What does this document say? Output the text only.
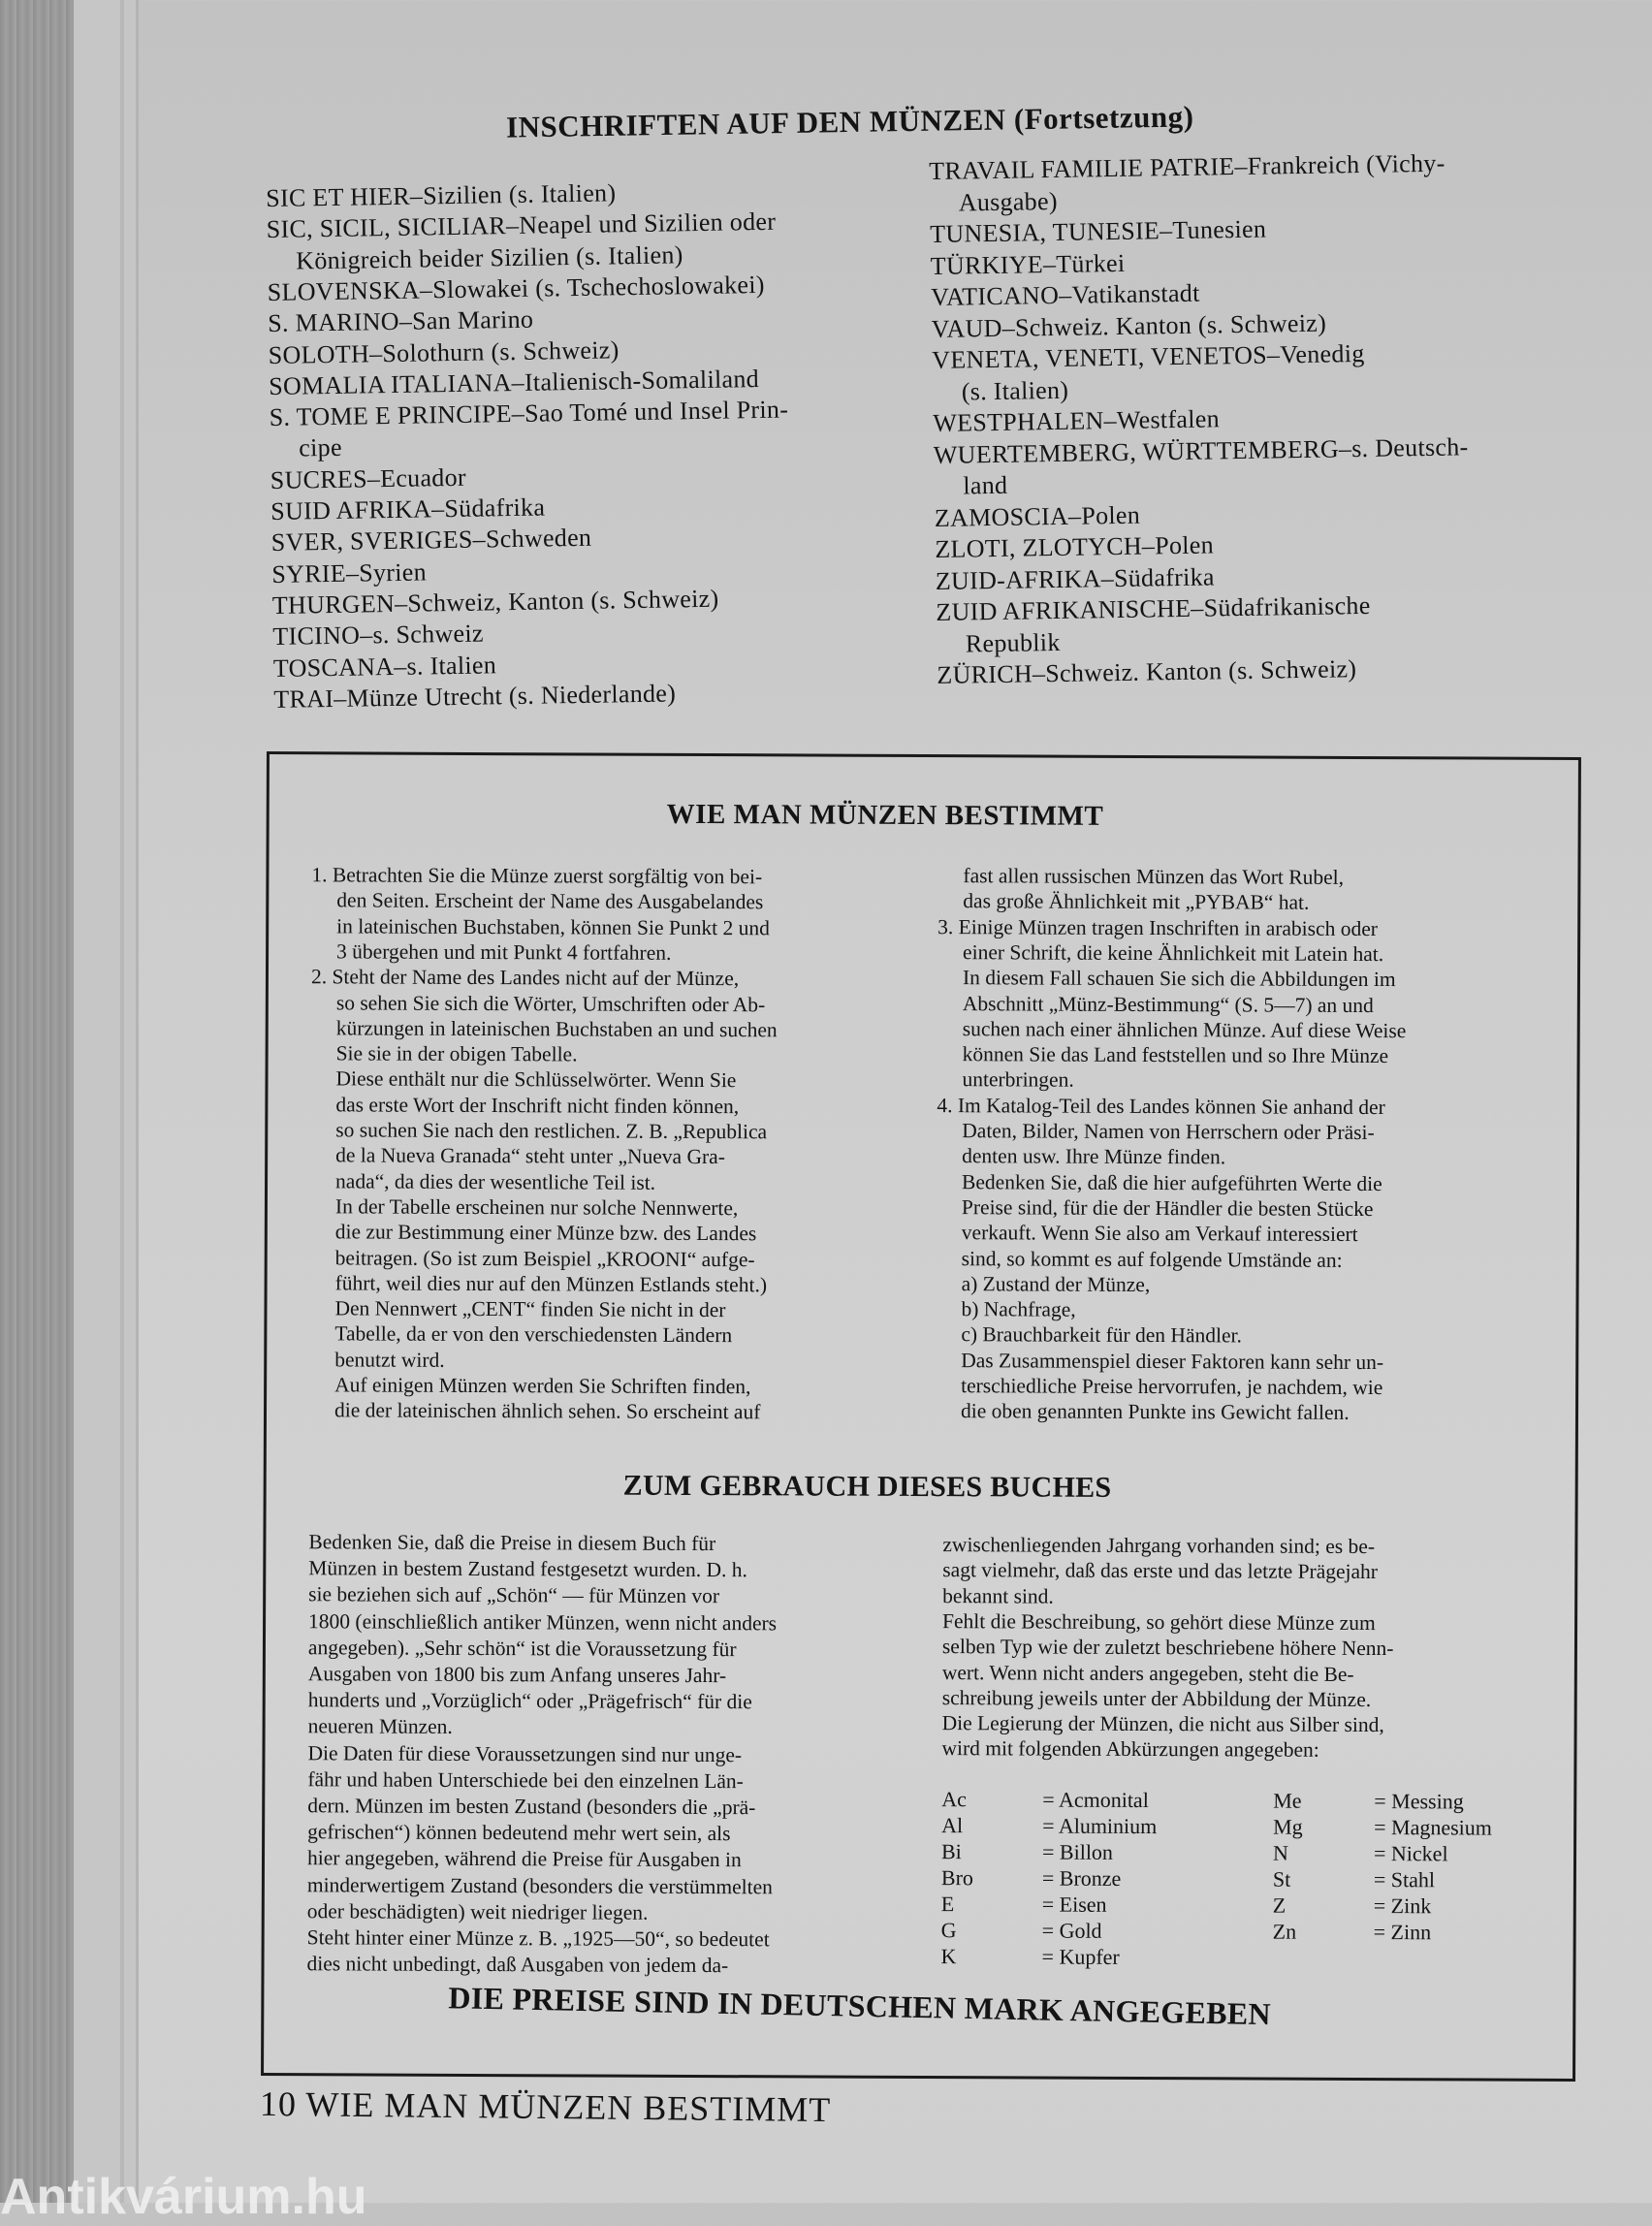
INSCHRIFTEN AUF DEN MÜNZEN (Fortsetzung)
SIC ET HIER–Sizilien (s. Italien)
SIC, SICIL, SICILIAR–Neapel und Sizilien oder
Königreich beider Sizilien (s. Italien)
SLOVENSKA–Slowakei (s. Tschechoslowakei)
S. MARINO–San Marino
SOLOTH–Solothurn (s. Schweiz)
SOMALIA ITALIANA–Italienisch-Somaliland
S. TOME E PRINCIPE–Sao Tomé und Insel Prin-
cipe
SUCRES–Ecuador
SUID AFRIKA–Südafrika
SVER, SVERIGES–Schweden
SYRIE–Syrien
THURGEN–Schweiz, Kanton (s. Schweiz)
TICINO–s. Schweiz
TOSCANA–s. Italien
TRAI–Münze Utrecht (s. Niederlande)
TRAVAIL FAMILIE PATRIE–Frankreich (Vichy-
Ausgabe)
TUNESIA, TUNESIE–Tunesien
TÜRKIYE–Türkei
VATICANO–Vatikanstadt
VAUD–Schweiz. Kanton (s. Schweiz)
VENETA, VENETI, VENETOS–Venedig
(s. Italien)
WESTPHALEN–Westfalen
WUERTEMBERG, WÜRTTEMBERG–s. Deutsch-
land
ZAMOSCIA–Polen
ZLOTI, ZLOTYCH–Polen
ZUID-AFRIKA–Südafrika
ZUID AFRIKANISCHE–Südafrikanische
Republik
ZÜRICH–Schweiz. Kanton (s. Schweiz)
WIE MAN MÜNZEN BESTIMMT
1. Betrachten Sie die Münze zuerst sorgfältig von bei-
den Seiten. Erscheint der Name des Ausgabelandes
in lateinischen Buchstaben, können Sie Punkt 2 und
3 übergehen und mit Punkt 4 fortfahren.
2. Steht der Name des Landes nicht auf der Münze,
so sehen Sie sich die Wörter, Umschriften oder Ab-
kürzungen in lateinischen Buchstaben an und suchen
Sie sie in der obigen Tabelle.
Diese enthält nur die Schlüsselwörter. Wenn Sie
das erste Wort der Inschrift nicht finden können,
so suchen Sie nach den restlichen. Z. B. „Republica
de la Nueva Granada“ steht unter „Nueva Gra-
nada“, da dies der wesentliche Teil ist.
In der Tabelle erscheinen nur solche Nennwerte,
die zur Bestimmung einer Münze bzw. des Landes
beitragen. (So ist zum Beispiel „KROONI“ aufge-
führt, weil dies nur auf den Münzen Estlands steht.)
Den Nennwert „CENT“ finden Sie nicht in der
Tabelle, da er von den verschiedensten Ländern
benutzt wird.
Auf einigen Münzen werden Sie Schriften finden,
die der lateinischen ähnlich sehen. So erscheint auf
fast allen russischen Münzen das Wort Rubel,
das große Ähnlichkeit mit „PYBAB“ hat.
3. Einige Münzen tragen Inschriften in arabisch oder
einer Schrift, die keine Ähnlichkeit mit Latein hat.
In diesem Fall schauen Sie sich die Abbildungen im
Abschnitt „Münz-Bestimmung“ (S. 5—7) an und
suchen nach einer ähnlichen Münze. Auf diese Weise
können Sie das Land feststellen und so Ihre Münze
unterbringen.
4. Im Katalog-Teil des Landes können Sie anhand der
Daten, Bilder, Namen von Herrschern oder Präsi-
denten usw. Ihre Münze finden.
Bedenken Sie, daß die hier aufgeführten Werte die
Preise sind, für die der Händler die besten Stücke
verkauft. Wenn Sie also am Verkauf interessiert
sind, so kommt es auf folgende Umstände an:
a) Zustand der Münze,
b) Nachfrage,
c) Brauchbarkeit für den Händler.
Das Zusammenspiel dieser Faktoren kann sehr un-
terschiedliche Preise hervorrufen, je nachdem, wie
die oben genannten Punkte ins Gewicht fallen.
ZUM GEBRAUCH DIESES BUCHES
Bedenken Sie, daß die Preise in diesem Buch für
Münzen in bestem Zustand festgesetzt wurden. D. h.
sie beziehen sich auf „Schön“ — für Münzen vor
1800 (einschließlich antiker Münzen, wenn nicht anders
angegeben). „Sehr schön“ ist die Voraussetzung für
Ausgaben von 1800 bis zum Anfang unseres Jahr-
hunderts und „Vorzüglich“ oder „Prägefrisch“ für die
neueren Münzen.
Die Daten für diese Voraussetzungen sind nur unge-
fähr und haben Unterschiede bei den einzelnen Län-
dern. Münzen im besten Zustand (besonders die „prä-
gefrischen“) können bedeutend mehr wert sein, als
hier angegeben, während die Preise für Ausgaben in
minderwertigem Zustand (besonders die verstümmelten
oder beschädigten) weit niedriger liegen.
Steht hinter einer Münze z. B. „1925—50“, so bedeutet
dies nicht unbedingt, daß Ausgaben von jedem da-
zwischenliegenden Jahrgang vorhanden sind; es be-
sagt vielmehr, daß das erste und das letzte Prägejahr
bekannt sind.
Fehlt die Beschreibung, so gehört diese Münze zum
selben Typ wie der zuletzt beschriebene höhere Nenn-
wert. Wenn nicht anders angegeben, steht die Be-
schreibung jeweils unter der Abbildung der Münze.
Die Legierung der Münzen, die nicht aus Silber sind,
wird mit folgenden Abkürzungen angegeben:
Ac	= Acmonital
Al	= Aluminium
Bi	= Billon
Bro	= Bronze
E	= Eisen
G	= Gold
K	= Kupfer
Me	= Messing
Mg	= Magnesium
N	= Nickel
St	= Stahl
Z	= Zink
Zn	= Zinn
DIE PREISE SIND IN DEUTSCHEN MARK ANGEGEBEN
10 WIE MAN MÜNZEN BESTIMMT
Antikvárium.hu
